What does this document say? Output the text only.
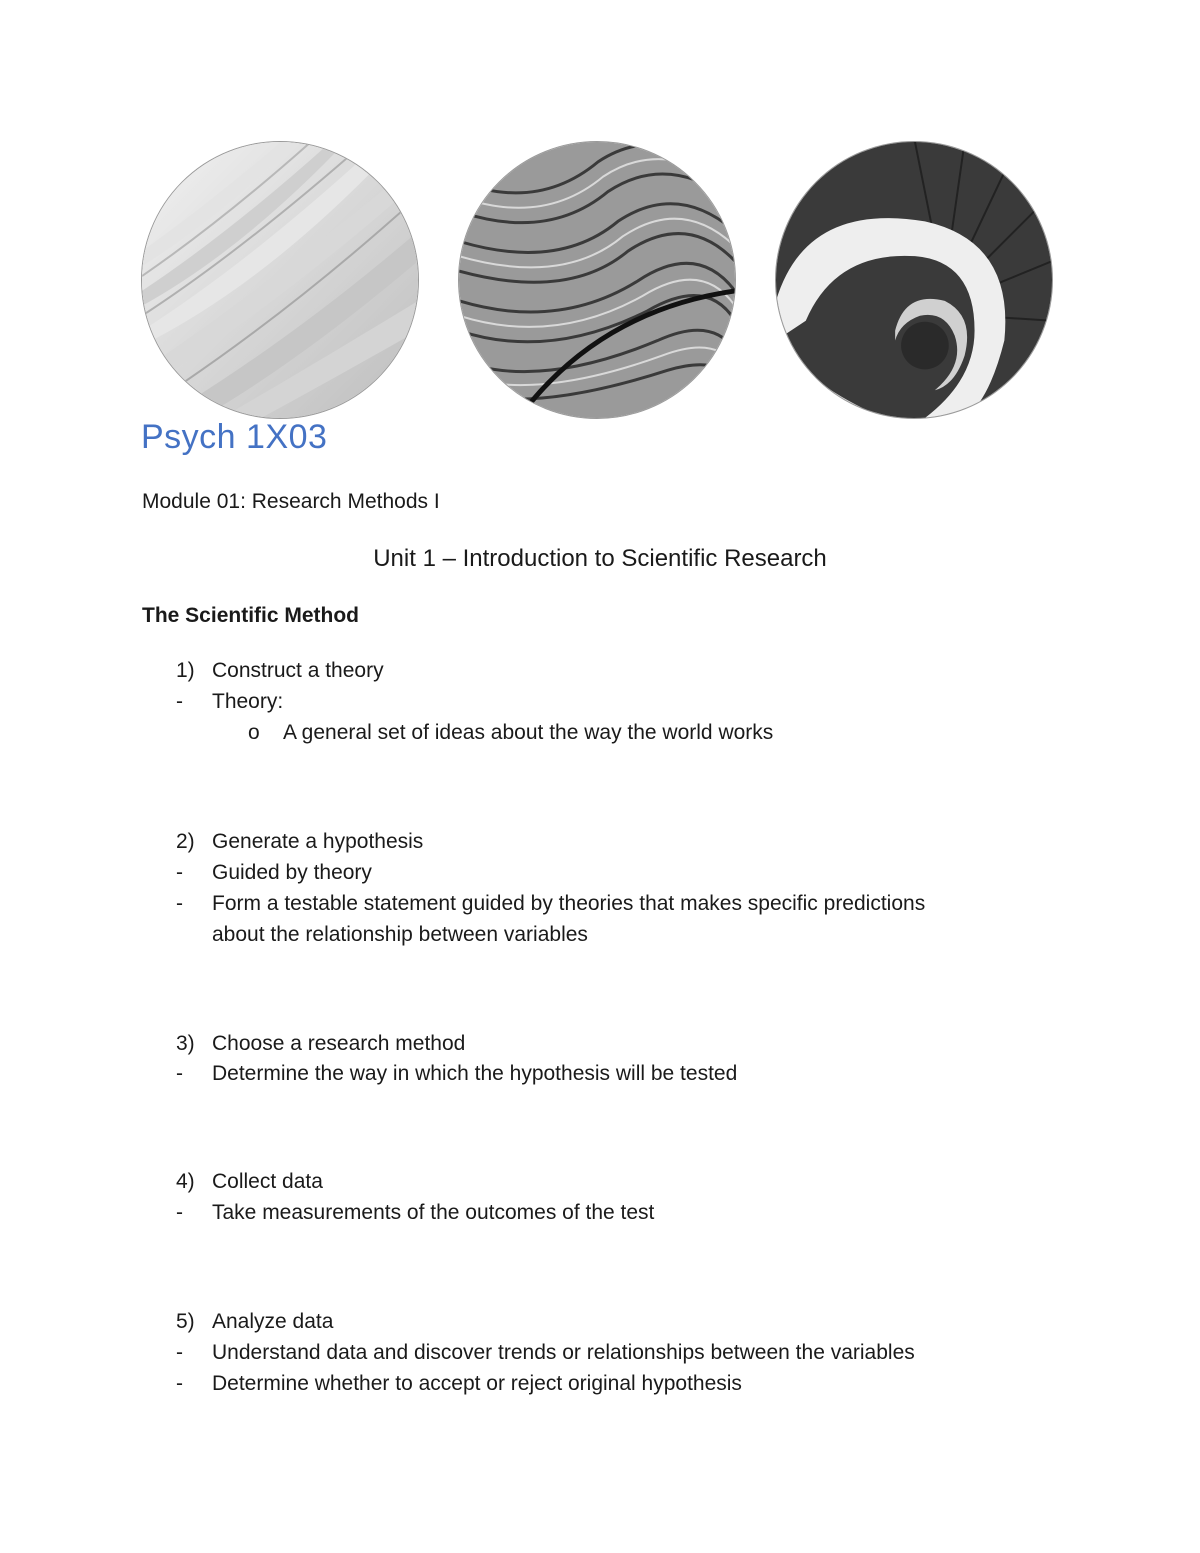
Psych 1X03
Module 01: Research Methods I
Unit 1 – Introduction to Scientific Research
The Scientific Method
1) Construct a theory
- Theory:
o A general set of ideas about the way the world works
2) Generate a hypothesis
- Guided by theory
- Form a testable statement guided by theories that makes specific predictions
about the relationship between variables
3) Choose a research method
- Determine the way in which the hypothesis will be tested
4) Collect data
- Take measurements of the outcomes of the test
5) Analyze data
- Understand data and discover trends or relationships between the variables
- Determine whether to accept or reject original hypothesis
